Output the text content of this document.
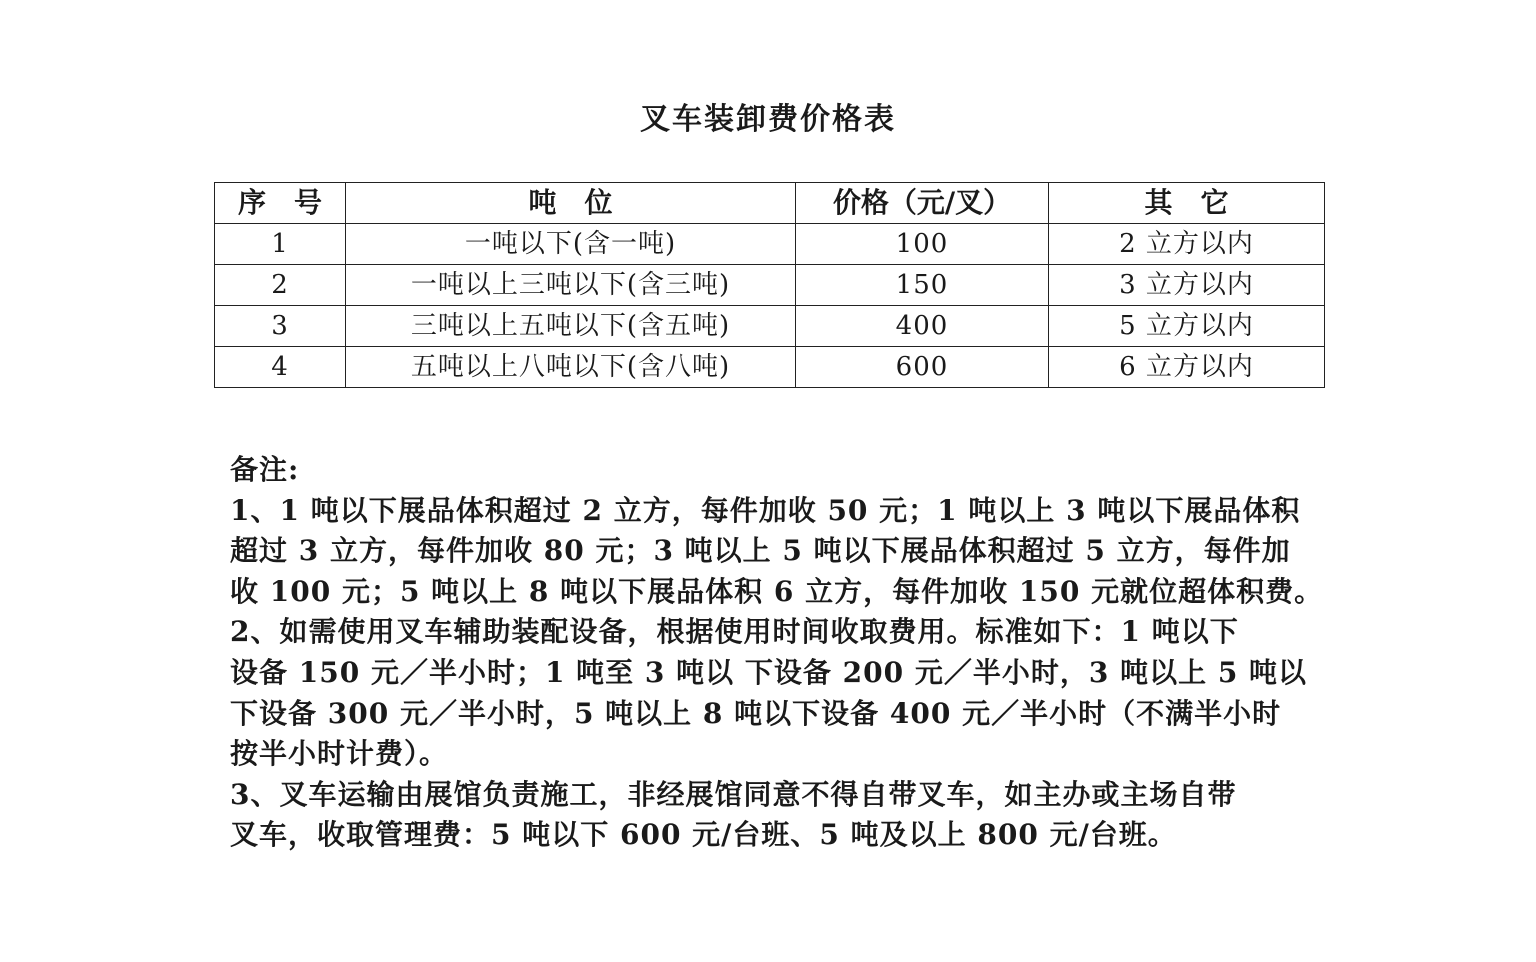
叉车装卸费价格表
序　号	吨　位	价格（元/叉）	其　它
1	一吨以下(含一吨)	100	2 立方以内
2	一吨以上三吨以下(含三吨)	150	3 立方以内
3	三吨以上五吨以下(含五吨)	400	5 立方以内
4	五吨以上八吨以下(含八吨)	600	6 立方以内
备注:
1、1 吨以下展品体积超过 2 立方，每件加收 50 元；1 吨以上 3 吨以下展品体积
超过 3 立方，每件加收 80 元；3 吨以上 5 吨以下展品体积超过 5 立方，每件加
收 100 元；5 吨以上 8 吨以下展品体积 6 立方，每件加收 150 元就位超体积费。
2、如需使用叉车辅助装配设备，根据使用时间收取费用。标准如下：1 吨以下
设备 150 元／半小时；1 吨至 3 吨以 下设备 200 元／半小时，3 吨以上 5 吨以
下设备 300 元／半小时，5 吨以上 8 吨以下设备 400 元／半小时（不满半小时
按半小时计费）。
3、叉车运输由展馆负责施工，非经展馆同意不得自带叉车，如主办或主场自带
叉车，收取管理费：5 吨以下 600 元/台班、5 吨及以上 800 元/台班。
